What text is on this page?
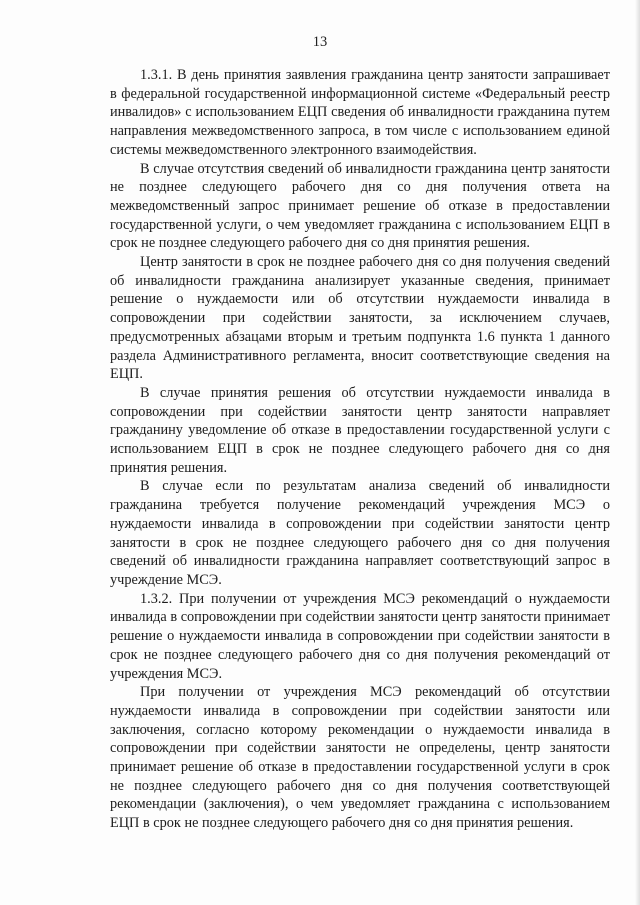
13

1.3.1. В день принятия заявления гражданина центр занятости запрашивает в федеральной государственной информационной системе «Федеральный реестр инвалидов» с использованием ЕЦП сведения об инвалидности гражданина путем направления межведомственного запроса, в том числе с использованием единой системы межведомственного электронного взаимодействия.

В случае отсутствия сведений об инвалидности гражданина центр занятости не позднее следующего рабочего дня со дня получения ответа на межведомственный запрос принимает решение об отказе в предоставлении государственной услуги, о чем уведомляет гражданина с использованием ЕЦП в срок не позднее следующего рабочего дня со дня принятия решения.

Центр занятости в срок не позднее рабочего дня со дня получения сведений об инвалидности гражданина анализирует указанные сведения, принимает решение о нуждаемости или об отсутствии нуждаемости инвалида в сопровождении при содействии занятости, за исключением случаев, предусмотренных абзацами вторым и третьим подпункта 1.6 пункта 1 данного раздела Административного регламента, вносит соответствующие сведения на ЕЦП.

В случае принятия решения об отсутствии нуждаемости инвалида в сопровождении при содействии занятости центр занятости направляет гражданину уведомление об отказе в предоставлении государственной услуги с использованием ЕЦП в срок не позднее следующего рабочего дня со дня принятия решения.

В случае если по результатам анализа сведений об инвалидности гражданина требуется получение рекомендаций учреждения МСЭ о нуждаемости инвалида в сопровождении при содействии занятости центр занятости в срок не позднее следующего рабочего дня со дня получения сведений об инвалидности гражданина направляет соответствующий запрос в учреждение МСЭ.

1.3.2. При получении от учреждения МСЭ рекомендаций о нуждаемости инвалида в сопровождении при содействии занятости центр занятости принимает решение о нуждаемости инвалида в сопровождении при содействии занятости в срок не позднее следующего рабочего дня со дня получения рекомендаций от учреждения МСЭ.

При получении от учреждения МСЭ рекомендаций об отсутствии нуждаемости инвалида в сопровождении при содействии занятости или заключения, согласно которому рекомендации о нуждаемости инвалида в сопровождении при содействии занятости не определены, центр занятости принимает решение об отказе в предоставлении государственной услуги в срок не позднее следующего рабочего дня со дня получения соответствующей рекомендации (заключения), о чем уведомляет гражданина с использованием ЕЦП в срок не позднее следующего рабочего дня со дня принятия решения.
